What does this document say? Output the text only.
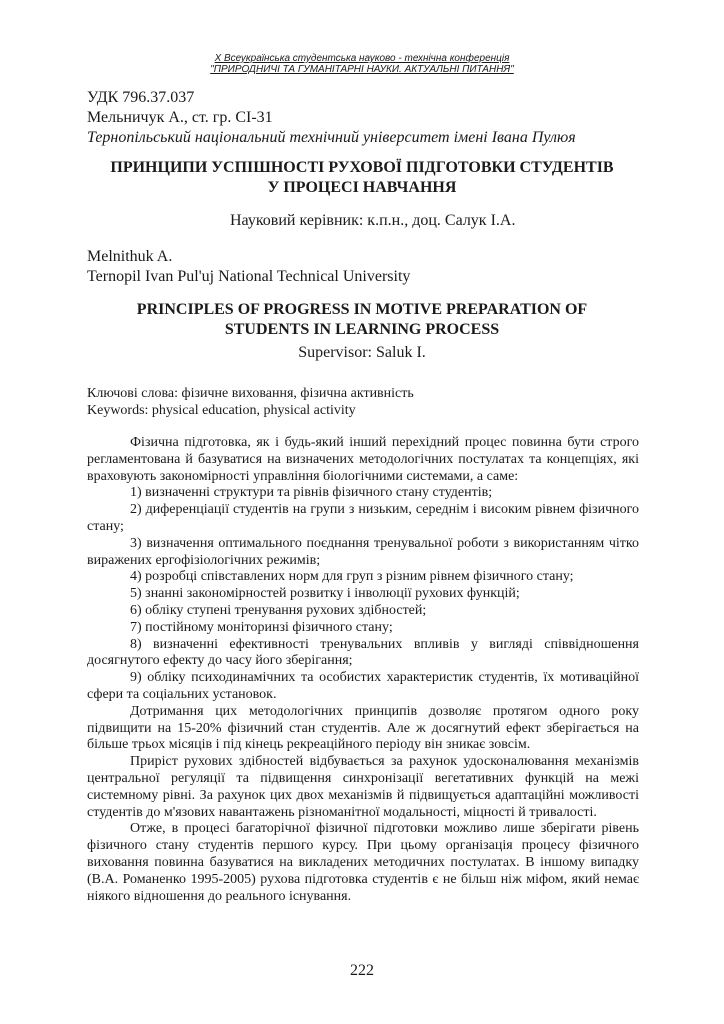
X Всеукраїнська студентська науково - технічна конференція
"ПРИРОДНИЧІ ТА ГУМАНІТАРНІ НАУКИ. АКТУАЛЬНІ ПИТАННЯ"
УДК 796.37.037
Мельничук А., ст. гр. СІ-31
Тернопільський національний технічний університет імені Івана Пулюя
ПРИНЦИПИ УСПІШНОСТІ РУХОВОЇ ПІДГОТОВКИ СТУДЕНТІВ
У ПРОЦЕСІ НАВЧАННЯ
Науковий керівник: к.п.н., доц. Салук І.А.
Melnithuk A.
Ternopil Ivan Pul'uj National Technical University
PRINCIPLES OF PROGRESS IN MOTIVE PREPARATION OF
STUDENTS IN LEARNING PROCESS
Supervisor: Saluk I.
Ключові слова: фізичне виховання, фізична активність
Keywords: physical education, physical activity

Фізична підготовка, як і будь-який інший перехідний процес повинна бути строго регламентована й базуватися на визначених методологічних постулатах та концепціях, які враховують закономірності управління біологічними системами, а саме:

1) визначенні структури та рівнів фізичного стану студентів;

2) диференціації студентів на групи з низьким, середнім і високим рівнем фізичного стану;

3) визначення оптимального поєднання тренувальної роботи з використанням чітко виражених ергофізіологічних режимів;

4) розробці співставлених норм для груп з різним рівнем фізичного стану;

5) знанні закономірностей розвитку і інволюції рухових функцій;

6) обліку ступені тренування рухових здібностей;

7) постійному моніторинзі фізичного стану;

8) визначенні ефективності тренувальних впливів у вигляді співвідношення досягнутого ефекту до часу його зберігання;

9) обліку психодинамічних та особистих характеристик студентів, їх мотиваційної сфери та соціальних установок.

Дотримання цих методологічних принципів дозволяє протягом одного року підвищити на 15-20% фізичний стан студентів. Але ж досягнутий ефект зберігається на більше трьох місяців і під кінець рекреаційного періоду він зникає зовсім.

Приріст рухових здібностей відбувається за рахунок удосконалювання механізмів центральної регуляції та підвищення синхронізації вегетативних функцій на межі системному рівні. За рахунок цих двох механізмів й підвищується адаптаційні можливості студентів до м'язових навантажень різноманітної модальності, міцності й тривалості.

Отже, в процесі багаторічної фізичної підготовки можливо лише зберігати рівень фізичного стану студентів першого курсу. При цьому організація процесу фізичного виховання повинна базуватися на викладених методичних постулатах. В іншому випадку (В.А. Романенко 1995-2005) рухова підготовка студентів є не більш ніж міфом, який немає ніякого відношення до реального існування.

222
